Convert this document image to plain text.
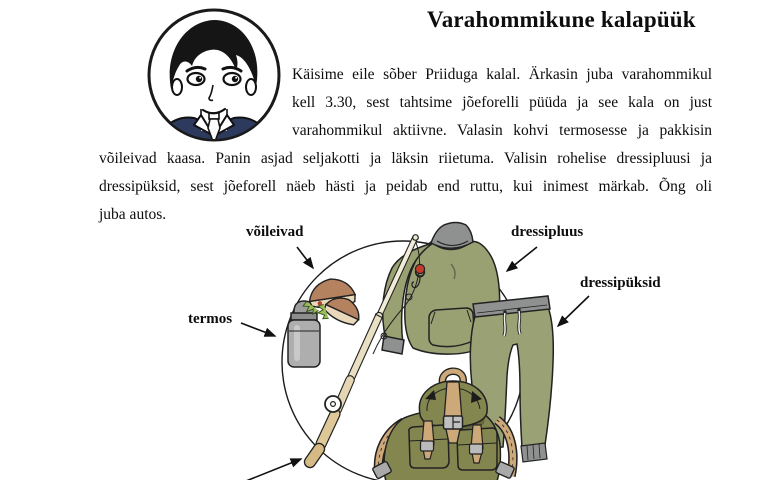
Varahommikune kalapüük
Käisime eile sõber Priiduga kalal. Ärkasin juba varahommikul
kell 3.30, sest tahtsime jõeforelli püüda ja see kala on just
varahommikul aktiivne. Valasin kohvi termosesse ja pakkisin
võileivad kaasa. Panin asjad seljakotti ja läksin riietuma. Valisin rohelise dressipluusi ja
dressipüksid, sest jõeforell näeb hästi ja peidab end ruttu, kui inimest märkab. Õng oli
juba autos.
võileivad
termos
dressipluus
dressipüksid
